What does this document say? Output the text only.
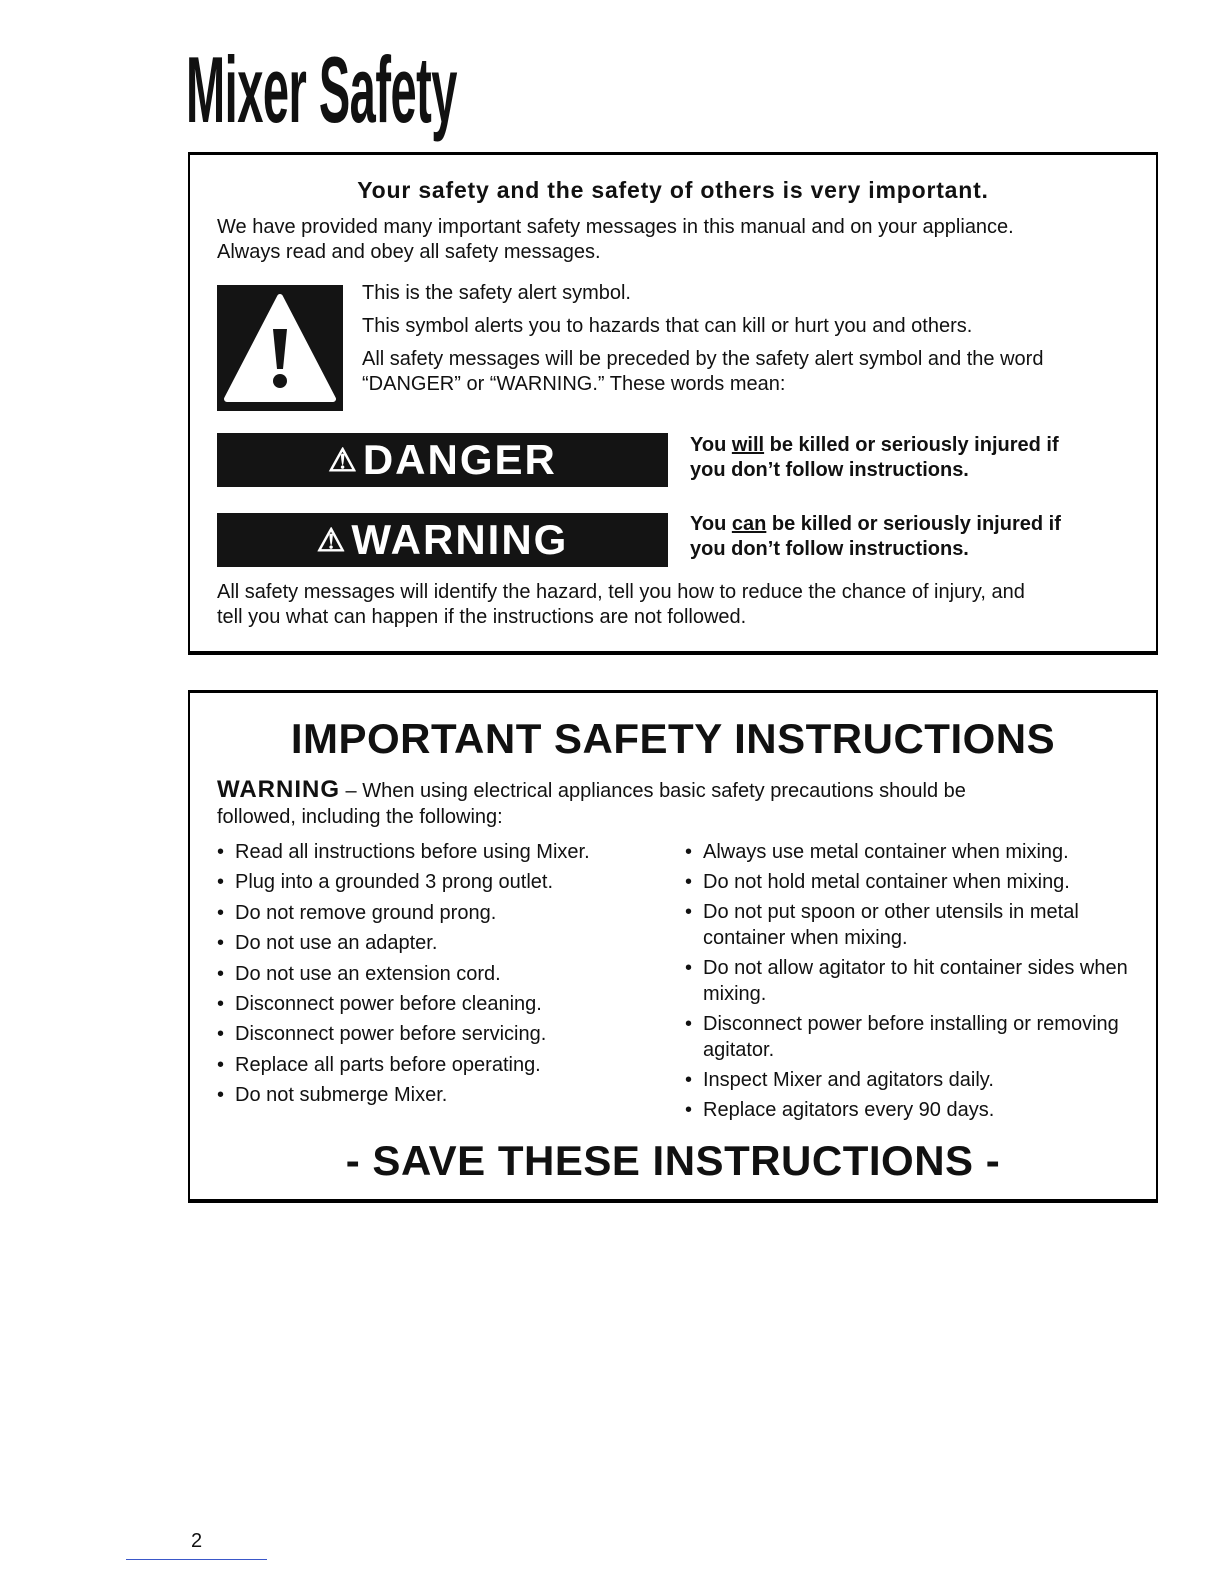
Mixer Safety
Your safety and the safety of others is very important.
We have provided many important safety messages in this manual and on your appliance.
Always read and obey all safety messages.
This is the safety alert symbol.
This symbol alerts you to hazards that can kill or hurt you and others.
All safety messages will be preceded by the safety alert symbol and the word
“DANGER” or “WARNING.” These words mean:
⚠ DANGER	You will be killed or seriously injured if
you don’t follow instructions.
⚠ WARNING	You can be killed or seriously injured if
you don’t follow instructions.
All safety messages will identify the hazard, tell you how to reduce the chance of injury, and
tell you what can happen if the instructions are not followed.
IMPORTANT SAFETY INSTRUCTIONS
WARNING – When using electrical appliances basic safety precautions should be
followed, including the following:
• Read all instructions before using Mixer.
• Plug into a grounded 3 prong outlet.
• Do not remove ground prong.
• Do not use an adapter.
• Do not use an extension cord.
• Disconnect power before cleaning.
• Disconnect power before servicing.
• Replace all parts before operating.
• Do not submerge Mixer.
• Always use metal container when mixing.
• Do not hold metal container when mixing.
• Do not put spoon or other utensils in metal container when mixing.
• Do not allow agitator to hit container sides when mixing.
• Disconnect power before installing or removing agitator.
• Inspect Mixer and agitators daily.
• Replace agitators every 90 days.
- SAVE THESE INSTRUCTIONS -
2
